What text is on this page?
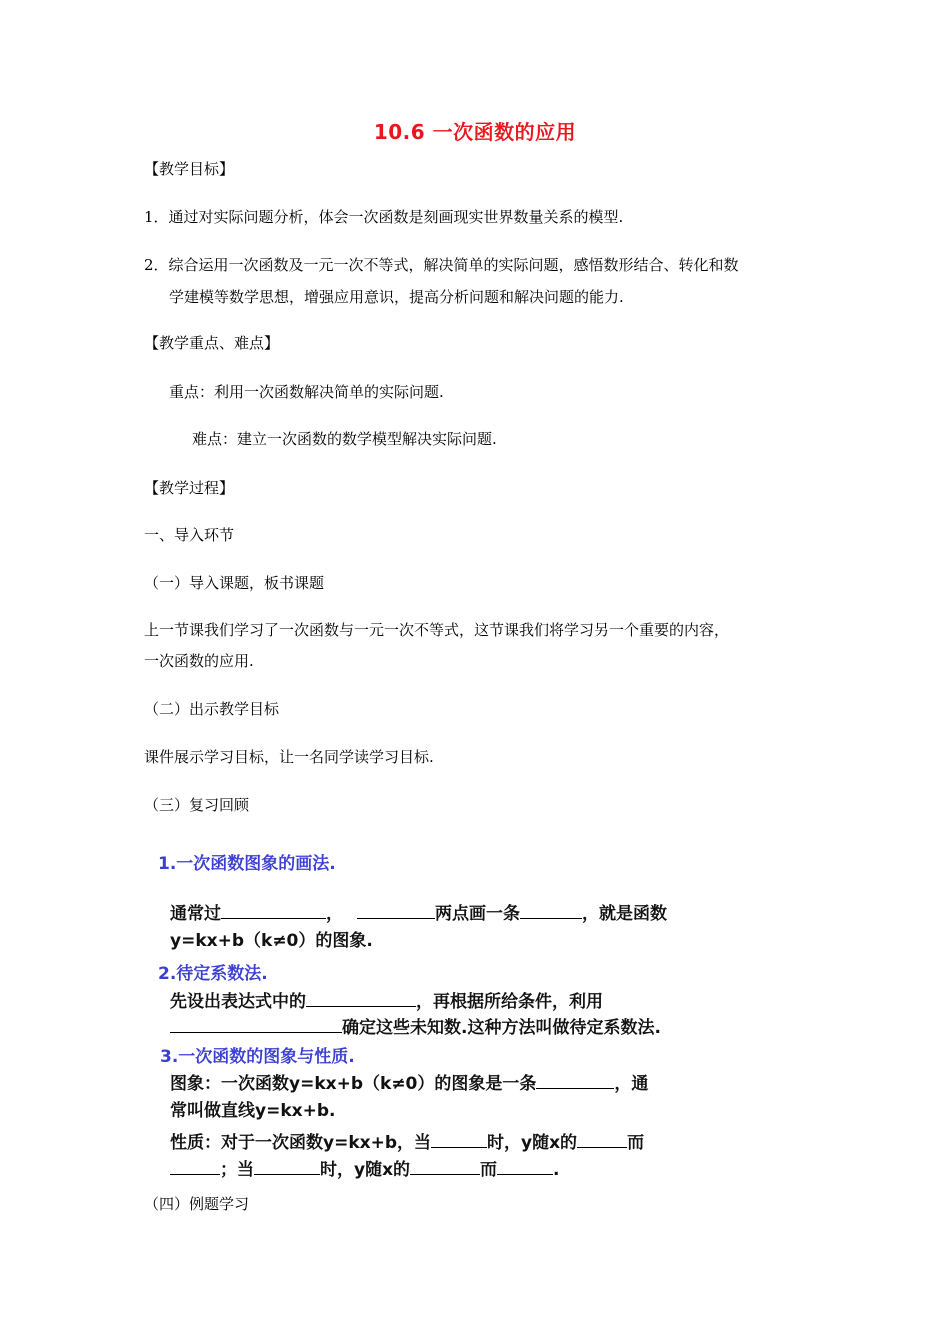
10.6 一次函数的应用
【教学目标】
1．通过对实际问题分析，体会一次函数是刻画现实世界数量关系的模型.
2．综合运用一次函数及一元一次不等式，解决简单的实际问题，感悟数形结合、转化和数
学建模等数学思想，增强应用意识，提高分析问题和解决问题的能力.
【教学重点、难点】
重点：利用一次函数解决简单的实际问题.
难点：建立一次函数的数学模型解决实际问题.
【教学过程】
一、导入环节
（一）导入课题，板书课题
上一节课我们学习了一次函数与一元一次不等式，这节课我们将学习另一个重要的内容，
一次函数的应用.
（二）出示教学目标
课件展示学习目标，让一名同学读学习目标.
（三）复习回顾
1.一次函数图象的画法.
通常过	，	两点画一条	，就是函数
y=kx+b（k≠0）的图象.
2.待定系数法.
先设出表达式中的	，再根据所给条件，利用
确定这些未知数.这种方法叫做待定系数法.
3.一次函数的图象与性质.
图象：一次函数y=kx+b（k≠0）的图象是一条	，通
常叫做直线y=kx+b.
性质：对于一次函数y=kx+b，当	时，y随x的	而
；当	时，y随x的	而	.
（四）例题学习
